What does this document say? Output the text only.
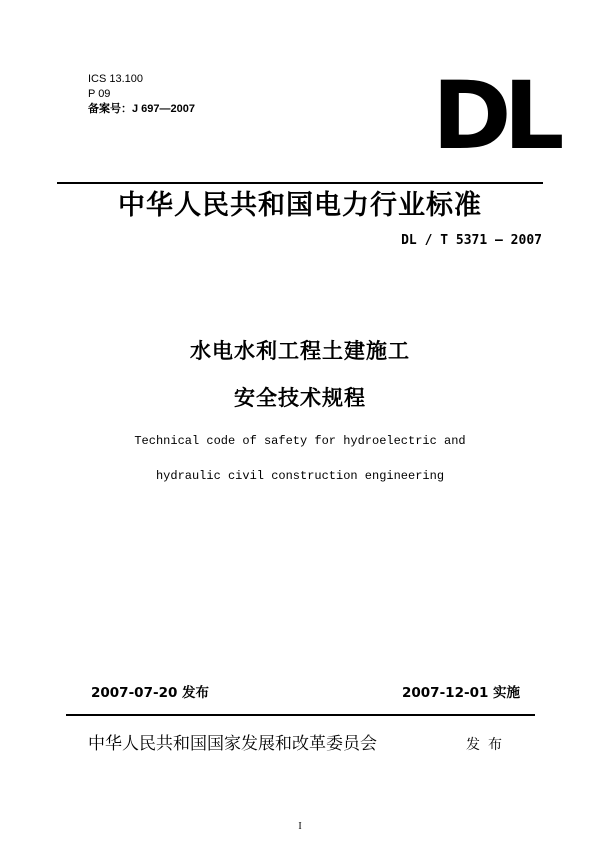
ICS 13.100
P 09
备案号：J 697—2007	DL
中华人民共和国电力行业标准
DL / T 5371 — 2007
水电水利工程土建施工
安全技术规程
Technical code of safety for hydroelectric and
hydraulic civil construction engineering
2007-07-20 发布	2007-12-01 实施
中华人民共和国国家发展和改革委员会	发布
I
